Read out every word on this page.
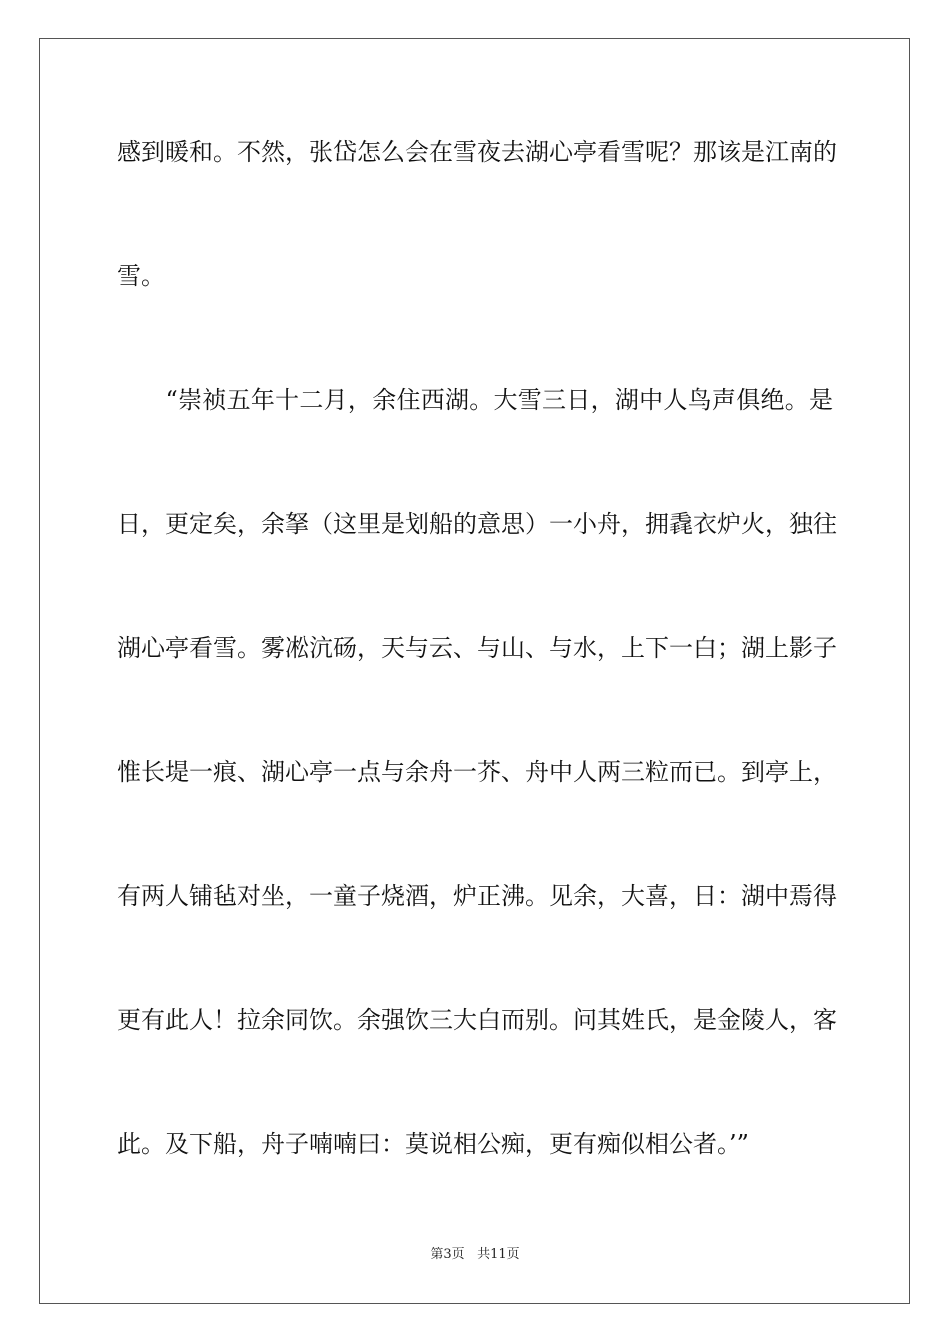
感到暖和。不然，张岱怎么会在雪夜去湖心亭看雪呢？那该是江南的
雪。
　　“崇祯五年十二月，余住西湖。大雪三日，湖中人鸟声俱绝。是
日，更定矣，余拏（这里是划船的意思）一小舟，拥毳衣炉火，独往
湖心亭看雪。雾凇沆砀，天与云、与山、与水，上下一白；湖上影子
惟长堤一痕、湖心亭一点与余舟一芥、舟中人两三粒而已。到亭上，
有两人铺毡对坐，一童子烧酒，炉正沸。见余，大喜，日：湖中焉得
更有此人！拉余同饮。余强饮三大白而别。问其姓氏，是金陵人，客
此。及下船，舟子喃喃曰：莫说相公痴，更有痴似相公者。’”
第3页 共11页
